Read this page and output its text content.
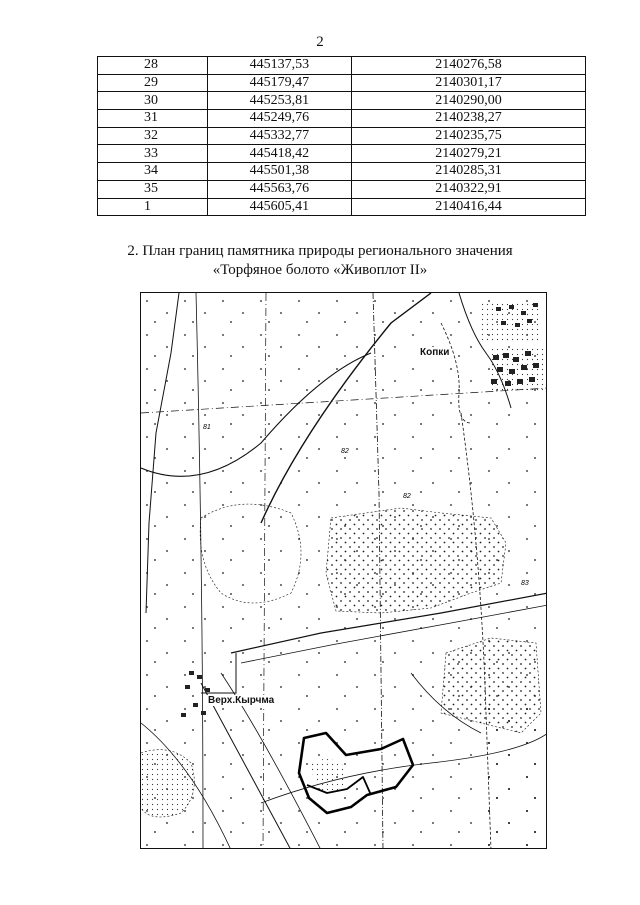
2
28	445137,53	2140276,58
29	445179,47	2140301,17
30	445253,81	2140290,00
31	445249,76	2140238,27
32	445332,77	2140235,75
33	445418,42	2140279,21
34	445501,38	2140285,31
35	445563,76	2140322,91
1	445605,41	2140416,44
2. План границ памятника природы регионального значения
«Торфяное болото «Живоплот II»
81
82
82
83
Копки
Верх.Кырчма
